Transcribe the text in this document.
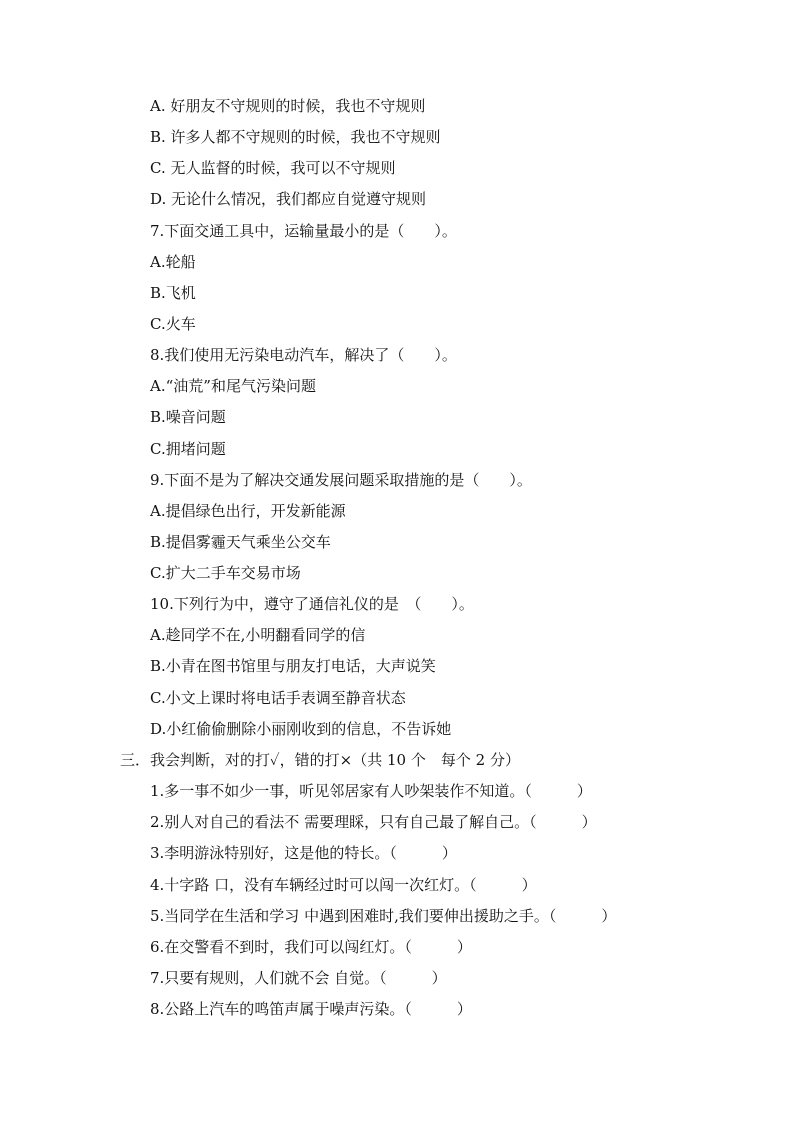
A. 好朋友不守规则的时候，我也不守规则
B. 许多人都不守规则的时候，我也不守规则
C. 无人监督的时候，我可以不守规则
D. 无论什么情况，我们都应自觉遵守规则
7.下面交通工具中，运输量最小的是（　　）。
A.轮船
B.飞机
C.火车
8.我们使用无污染电动汽车，解决了（　　）。
A.“油荒”和尾气污染问题
B.噪音问题
C.拥堵问题
9.下面不是为了解决交通发展问题采取措施的是（　　）。
A.提倡绿色出行，开发新能源
B.提倡雾霾天气乘坐公交车
C.扩大二手车交易市场
10.下列行为中，遵守了通信礼仪的是　（　　）。
A.趁同学不在,小明翻看同学的信
B.小青在图书馆里与朋友打电话，大声说笑
C.小文上课时将电话手表调至静音状态
D.小红偷偷删除小丽刚收到的信息，不告诉她
三．我会判断，对的打✓，错的打×（共 10 个　每个 2 分）
1.多一事不如少一事，听见邻居家有人吵架装作不知道。（　　　）
2.别人对自己的看法不 需要理睬，只有自己最了解自己。（　　　）
3.李明游泳特别好，这是他的特长。（　　　）
4.十字路 口，没有车辆经过时可以闯一次红灯。（　　　）
5.当同学在生活和学习 中遇到困难时,我们要伸出援助之手。（　　　）
6.在交警看不到时，我们可以闯红灯。（　　　）
7.只要有规则，人们就不会 自觉。（　　　）
8.公路上汽车的鸣笛声属于噪声污染。（　　　）
